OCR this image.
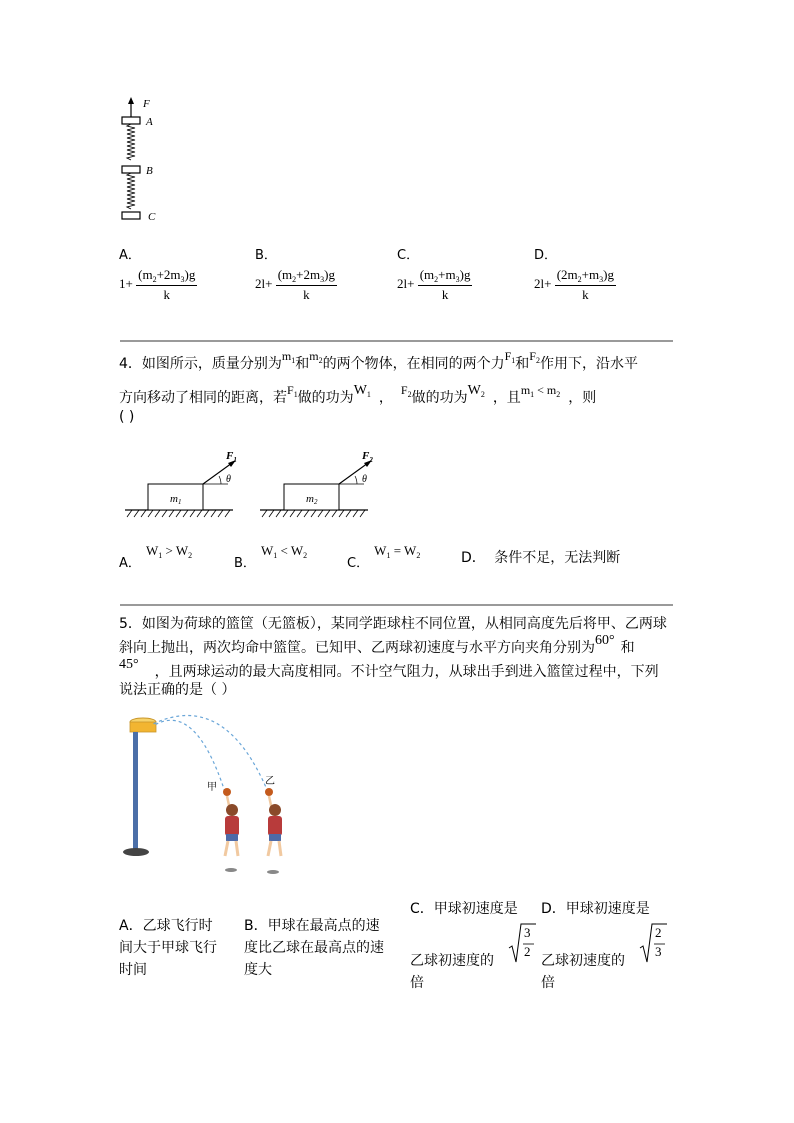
F
A
B
C
A．
$1+ \frac{(m_2+2m_3)g}{k}$
B．
$2l+ \frac{(m_2+2m_3)g}{k}$
C．
$2l+ \frac{(m_2+m_3)g}{k}$
D．
$2l+ \frac{(2m_2+m_3)g}{k}$
4．如图所示，质量分别为$m_1$和$m_2$的两个物体，在相同的两个力$F_1$和$F_2$作用下，沿水平
方向移动了相同的距离，若$F_1$做的功为$W_1$ ， $F_2$做的功为$W_2$ ，且$m_1 < m_2$ ，则
( )
θ
$F_1$
m1
θ
$F_2$
m2
$_{A.}$ $W_1 > W_2$
$_{B.}$ $W_1 < W_2$
$_{C.}$ $W_1 = W_2$	D． 条件不足，无法判断
5．如图为荷球的篮筐（无篮板），某同学距球柱不同位置，从相同高度先后将甲、乙两球
斜向上抛出，两次均命中篮筐。已知甲、乙两球初速度与水平方向夹角分别为60° 和
45° ，且两球运动的最大高度相同。不计空气阻力，从球出手到进入篮筐过程中，下列
说法正确的是（ ）
甲
乙
A．乙球飞行时
间大于甲球飞行
时间
B．甲球在最高点的速
度比乙球在最高点的速
度大
C．甲球初速度是
3
2
乙球初速度的
倍
D．甲球初速度是
2
3
乙球初速度的
倍
